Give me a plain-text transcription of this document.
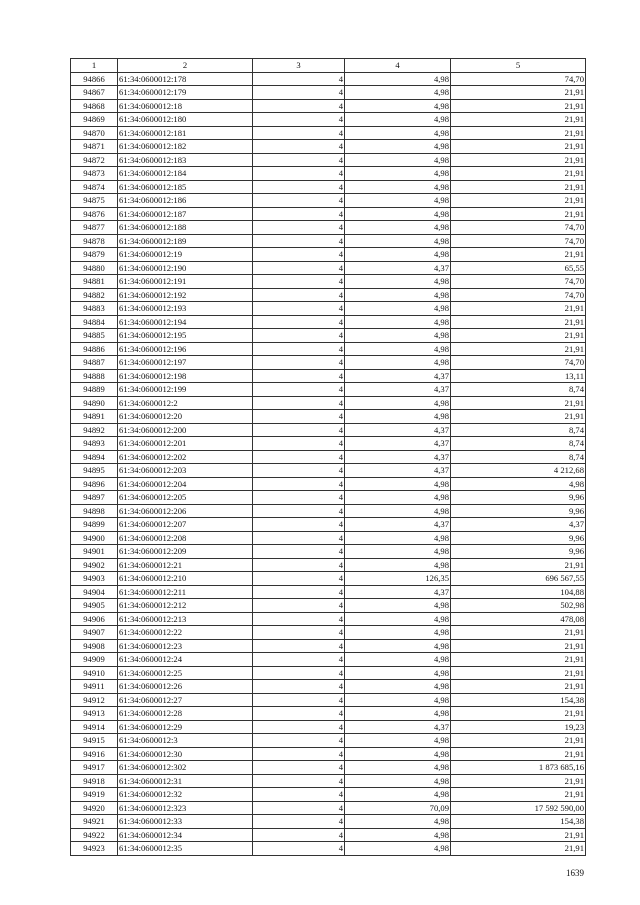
1	2	3	4	5
94866	61:34:0600012:178	4	4,98	74,70
94867	61:34:0600012:179	4	4,98	21,91
94868	61:34:0600012:18	4	4,98	21,91
94869	61:34:0600012:180	4	4,98	21,91
94870	61:34:0600012:181	4	4,98	21,91
94871	61:34:0600012:182	4	4,98	21,91
94872	61:34:0600012:183	4	4,98	21,91
94873	61:34:0600012:184	4	4,98	21,91
94874	61:34:0600012:185	4	4,98	21,91
94875	61:34:0600012:186	4	4,98	21,91
94876	61:34:0600012:187	4	4,98	21,91
94877	61:34:0600012:188	4	4,98	74,70
94878	61:34:0600012:189	4	4,98	74,70
94879	61:34:0600012:19	4	4,98	21,91
94880	61:34:0600012:190	4	4,37	65,55
94881	61:34:0600012:191	4	4,98	74,70
94882	61:34:0600012:192	4	4,98	74,70
94883	61:34:0600012:193	4	4,98	21,91
94884	61:34:0600012:194	4	4,98	21,91
94885	61:34:0600012:195	4	4,98	21,91
94886	61:34:0600012:196	4	4,98	21,91
94887	61:34:0600012:197	4	4,98	74,70
94888	61:34:0600012:198	4	4,37	13,11
94889	61:34:0600012:199	4	4,37	8,74
94890	61:34:0600012:2	4	4,98	21,91
94891	61:34:0600012:20	4	4,98	21,91
94892	61:34:0600012:200	4	4,37	8,74
94893	61:34:0600012:201	4	4,37	8,74
94894	61:34:0600012:202	4	4,37	8,74
94895	61:34:0600012:203	4	4,37	4 212,68
94896	61:34:0600012:204	4	4,98	4,98
94897	61:34:0600012:205	4	4,98	9,96
94898	61:34:0600012:206	4	4,98	9,96
94899	61:34:0600012:207	4	4,37	4,37
94900	61:34:0600012:208	4	4,98	9,96
94901	61:34:0600012:209	4	4,98	9,96
94902	61:34:0600012:21	4	4,98	21,91
94903	61:34:0600012:210	4	126,35	696 567,55
94904	61:34:0600012:211	4	4,37	104,88
94905	61:34:0600012:212	4	4,98	502,98
94906	61:34:0600012:213	4	4,98	478,08
94907	61:34:0600012:22	4	4,98	21,91
94908	61:34:0600012:23	4	4,98	21,91
94909	61:34:0600012:24	4	4,98	21,91
94910	61:34:0600012:25	4	4,98	21,91
94911	61:34:0600012:26	4	4,98	21,91
94912	61:34:0600012:27	4	4,98	154,38
94913	61:34:0600012:28	4	4,98	21,91
94914	61:34:0600012:29	4	4,37	19,23
94915	61:34:0600012:3	4	4,98	21,91
94916	61:34:0600012:30	4	4,98	21,91
94917	61:34:0600012:302	4	4,98	1 873 685,16
94918	61:34:0600012:31	4	4,98	21,91
94919	61:34:0600012:32	4	4,98	21,91
94920	61:34:0600012:323	4	70,09	17 592 590,00
94921	61:34:0600012:33	4	4,98	154,38
94922	61:34:0600012:34	4	4,98	21,91
94923	61:34:0600012:35	4	4,98	21,91
1639
